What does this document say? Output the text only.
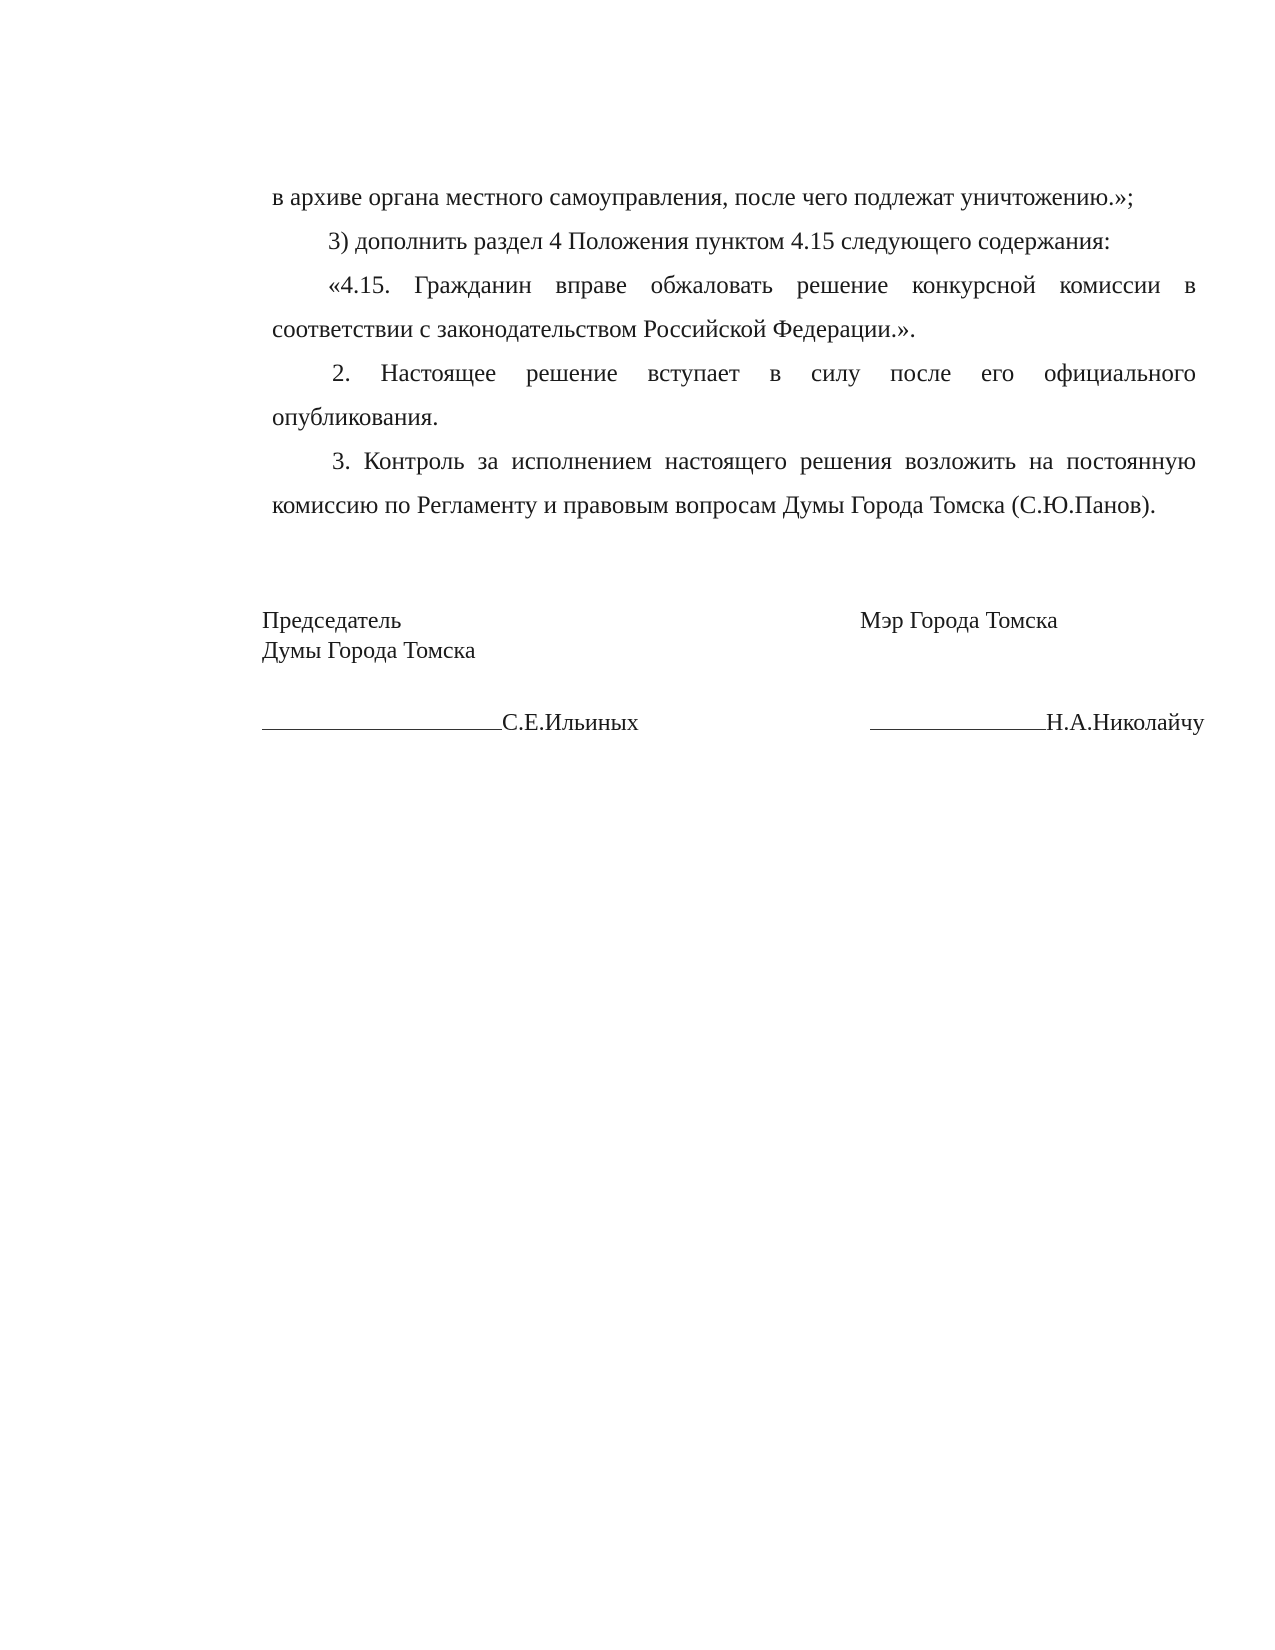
в архиве органа местного самоуправления, после чего подлежат уничтожению.»;
3) дополнить раздел 4 Положения пунктом 4.15 следующего содержания:
«4.15. Гражданин вправе обжаловать решение конкурсной комиссии в
соответствии с законодательством Российской Федерации.».
2. Настоящее решение вступает в силу после его официального
опубликования.
3. Контроль за исполнением настоящего решения возложить на постоянную
комиссию по Регламенту и правовым вопросам Думы Города Томска (С.Ю.Панов).
Председатель
Думы Города Томска
Мэр Города Томска
С.Е.Ильиных	Н.А.Николайчу
